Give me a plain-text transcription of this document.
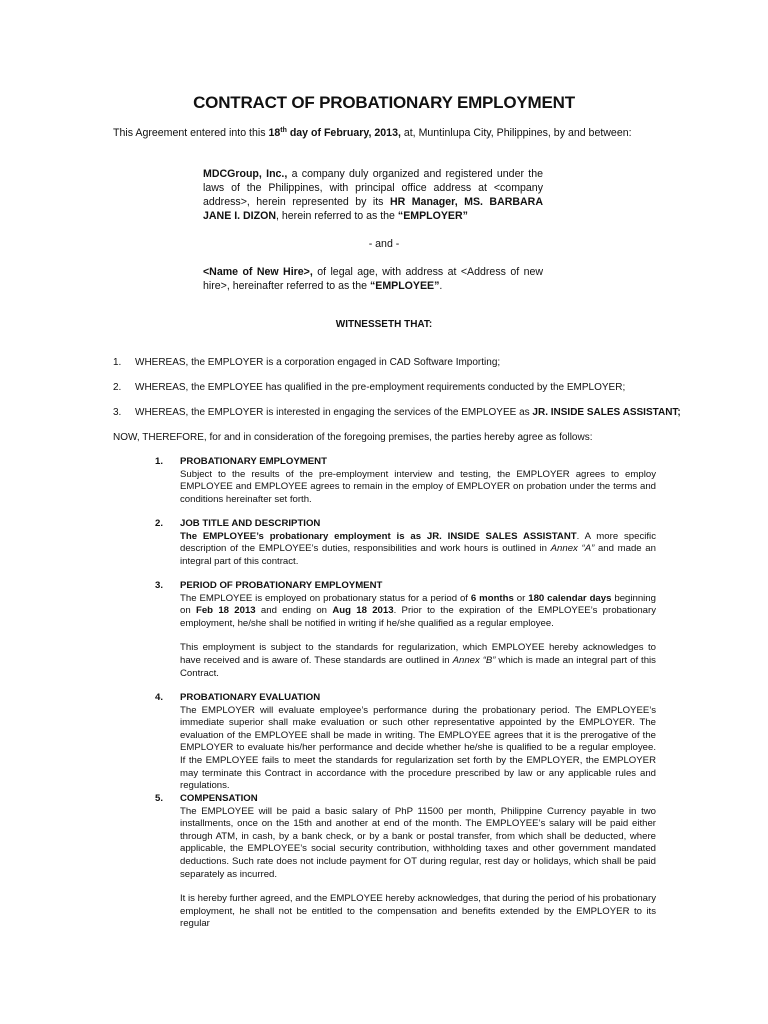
CONTRACT OF PROBATIONARY EMPLOYMENT
This Agreement entered into this 18th day of February, 2013, at, Muntinlupa City, Philippines, by and between:
MDCGroup, Inc., a company duly organized and registered under the laws of the Philippines, with principal office address at <company address>, herein represented by its HR Manager, MS. BARBARA JANE I. DIZON, herein referred to as the “EMPLOYER”
- and -
<Name of New Hire>, of legal age, with address at <Address of new hire>, hereinafter referred to as the “EMPLOYEE”.
WITNESSETH THAT:
1. WHEREAS, the EMPLOYER is a corporation engaged in CAD Software Importing;
2. WHEREAS, the EMPLOYEE has qualified in the pre-employment requirements conducted by the EMPLOYER;
3. WHEREAS, the EMPLOYER is interested in engaging the services of the EMPLOYEE as JR. INSIDE SALES ASSISTANT;
NOW, THEREFORE, for and in consideration of the foregoing premises, the parties hereby agree as follows:
1. PROBATIONARY EMPLOYMENT

Subject to the results of the pre-employment interview and testing, the EMPLOYER agrees to employ EMPLOYEE and EMPLOYEE agrees to remain in the employ of EMPLOYER on probation under the terms and conditions hereinafter set forth.

2. JOB TITLE AND DESCRIPTION

The EMPLOYEE’s probationary employment is as JR. INSIDE SALES ASSISTANT. A more specific description of the EMPLOYEE’s duties, responsibilities and work hours is outlined in Annex “A” and made an integral part of this contract.

3. PERIOD OF PROBATIONARY EMPLOYMENT

The EMPLOYEE is employed on probationary status for a period of 6 months or 180 calendar days beginning on Feb 18 2013 and ending on Aug 18 2013. Prior to the expiration of the EMPLOYEE’s probationary employment, he/she shall be notified in writing if he/she qualified as a regular employee.

This employment is subject to the standards for regularization, which EMPLOYEE hereby acknowledges to have received and is aware of. These standards are outlined in Annex “B” which is made an integral part of this Contract.

4. PROBATIONARY EVALUATION

The EMPLOYER will evaluate employee’s performance during the probationary period. The EMPLOYEE’s immediate superior shall make evaluation or such other representative appointed by the EMPLOYER. The evaluation of the EMPLOYEE shall be made in writing. The EMPLOYEE agrees that it is the prerogative of the EMPLOYER to evaluate his/her performance and decide whether he/she is qualified to be a regular employee. If the EMPLOYEE fails to meet the standards for regularization set forth by the EMPLOYER, the EMPLOYER may terminate this Contract in accordance with the procedure prescribed by law or any applicable rules and regulations.

5. COMPENSATION

The EMPLOYEE will be paid a basic salary of PhP 11500 per month, Philippine Currency payable in two installments, once on the 15th and another at end of the month. The EMPLOYEE’s salary will be paid either through ATM, in cash, by a bank check, or by a bank or postal transfer, from which shall be deducted, where applicable, the EMPLOYEE’s social security contribution, withholding taxes and other government mandated deductions. Such rate does not include payment for OT during regular, rest day or holidays, which shall be paid separately as incurred.

It is hereby further agreed, and the EMPLOYEE hereby acknowledges, that during the period of his probationary employment, he shall not be entitled to the compensation and benefits extended by the EMPLOYER to its regular
